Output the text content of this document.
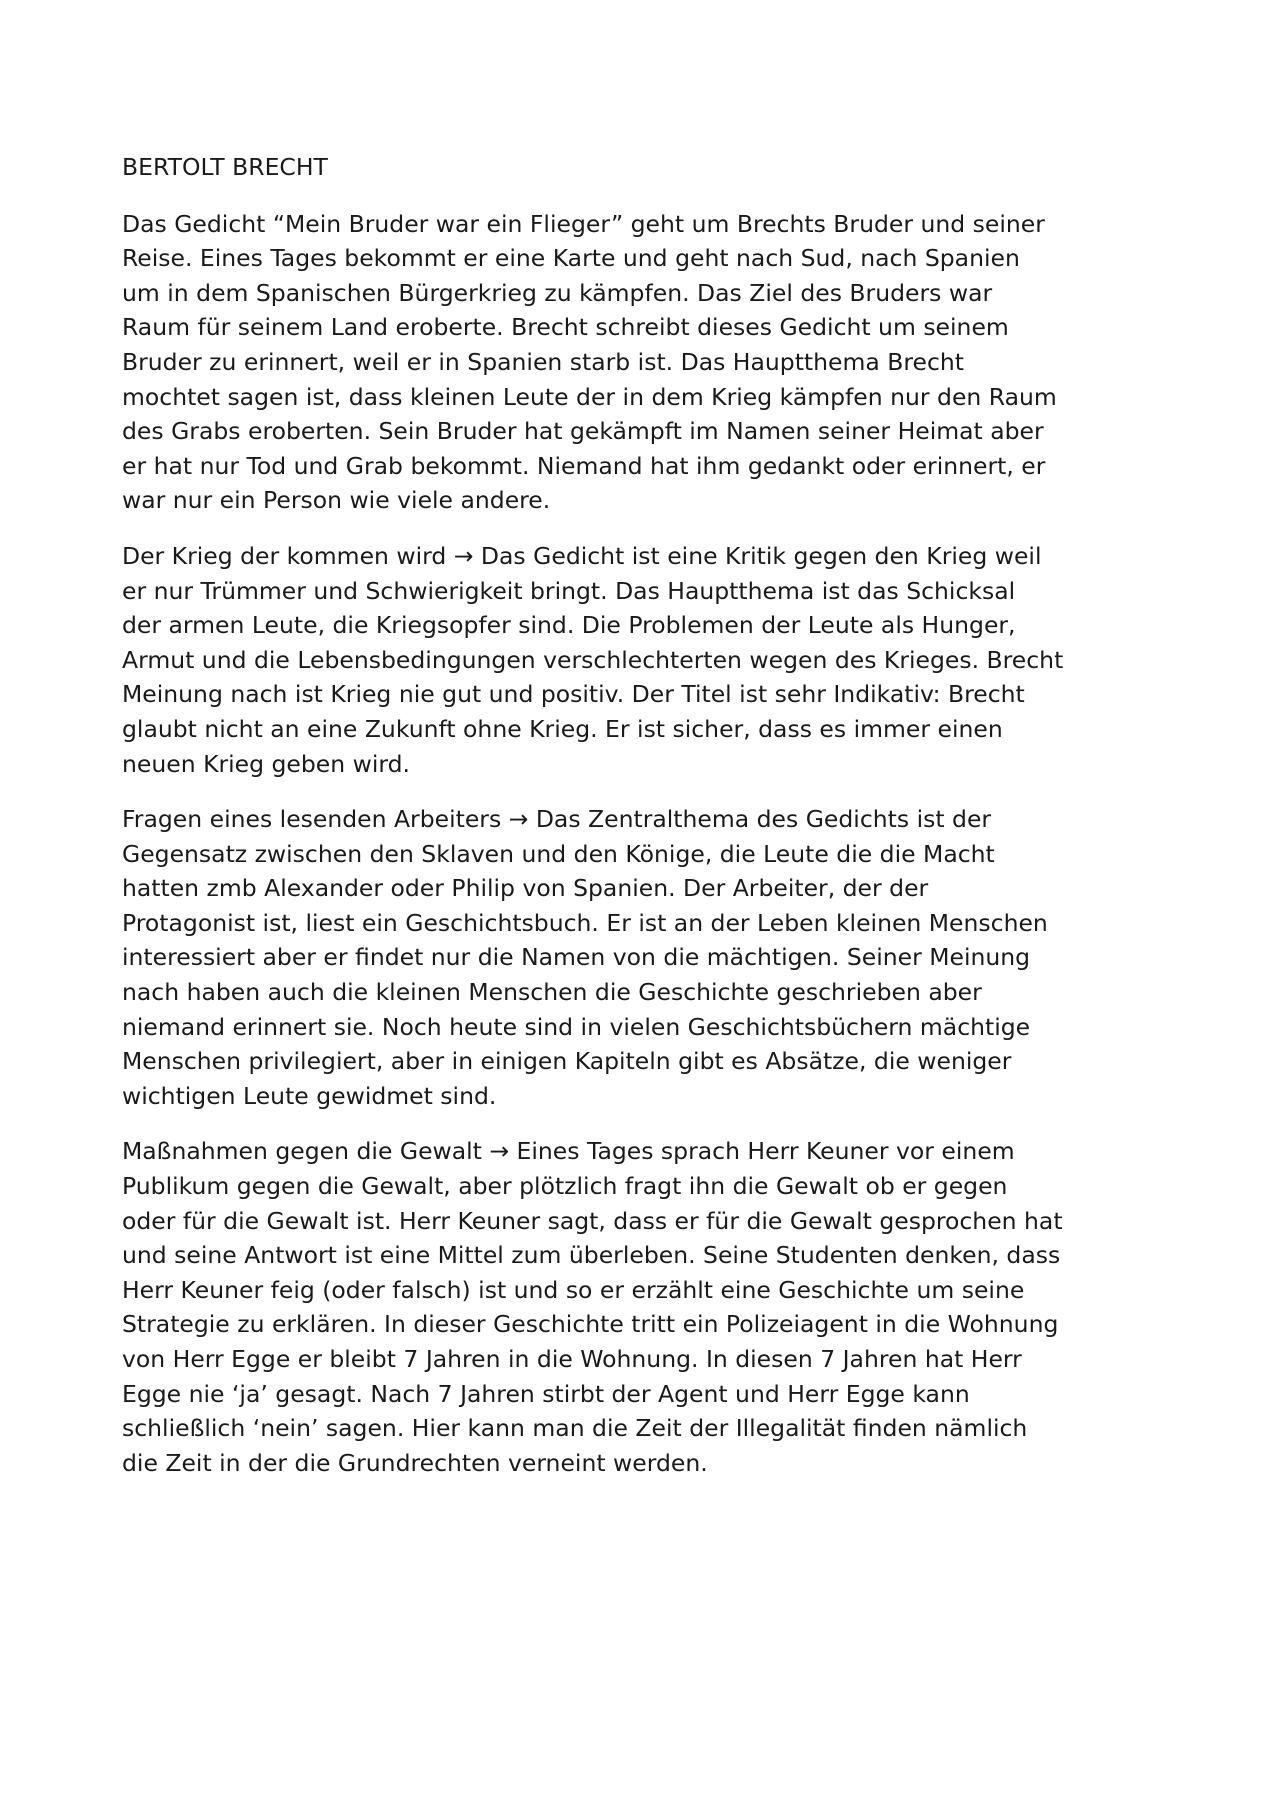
BERTOLT BRECHT

Das Gedicht “Mein Bruder war ein Flieger” geht um Brechts Bruder und seiner
Reise. Eines Tages bekommt er eine Karte und geht nach Sud, nach Spanien
um in dem Spanischen Bürgerkrieg zu kämpfen. Das Ziel des Bruders war
Raum für seinem Land eroberte. Brecht schreibt dieses Gedicht um seinem
Bruder zu erinnert, weil er in Spanien starb ist. Das Hauptthema Brecht
mochtet sagen ist, dass kleinen Leute der in dem Krieg kämpfen nur den Raum
des Grabs eroberten. Sein Bruder hat gekämpft im Namen seiner Heimat aber
er hat nur Tod und Grab bekommt. Niemand hat ihm gedankt oder erinnert, er
war nur ein Person wie viele andere.

Der Krieg der kommen wird → Das Gedicht ist eine Kritik gegen den Krieg weil
er nur Trümmer und Schwierigkeit bringt. Das Hauptthema ist das Schicksal
der armen Leute, die Kriegsopfer sind. Die Problemen der Leute als Hunger,
Armut und die Lebensbedingungen verschlechterten wegen des Krieges. Brecht
Meinung nach ist Krieg nie gut und positiv. Der Titel ist sehr Indikativ: Brecht
glaubt nicht an eine Zukunft ohne Krieg. Er ist sicher, dass es immer einen
neuen Krieg geben wird.

Fragen eines lesenden Arbeiters → Das Zentralthema des Gedichts ist der
Gegensatz zwischen den Sklaven und den Könige, die Leute die die Macht
hatten zmb Alexander oder Philip von Spanien. Der Arbeiter, der der
Protagonist ist, liest ein Geschichtsbuch. Er ist an der Leben kleinen Menschen
interessiert aber er findet nur die Namen von die mächtigen. Seiner Meinung
nach haben auch die kleinen Menschen die Geschichte geschrieben aber
niemand erinnert sie. Noch heute sind in vielen Geschichtsbüchern mächtige
Menschen privilegiert, aber in einigen Kapiteln gibt es Absätze, die weniger
wichtigen Leute gewidmet sind.

Maßnahmen gegen die Gewalt → Eines Tages sprach Herr Keuner vor einem
Publikum gegen die Gewalt, aber plötzlich fragt ihn die Gewalt ob er gegen
oder für die Gewalt ist. Herr Keuner sagt, dass er für die Gewalt gesprochen hat
und seine Antwort ist eine Mittel zum überleben. Seine Studenten denken, dass
Herr Keuner feig (oder falsch) ist und so er erzählt eine Geschichte um seine
Strategie zu erklären. In dieser Geschichte tritt ein Polizeiagent in die Wohnung
von Herr Egge er bleibt 7 Jahren in die Wohnung. In diesen 7 Jahren hat Herr
Egge nie ‘ja’ gesagt. Nach 7 Jahren stirbt der Agent und Herr Egge kann
schließlich ‘nein’ sagen. Hier kann man die Zeit der Illegalität finden nämlich
die Zeit in der die Grundrechten verneint werden.
